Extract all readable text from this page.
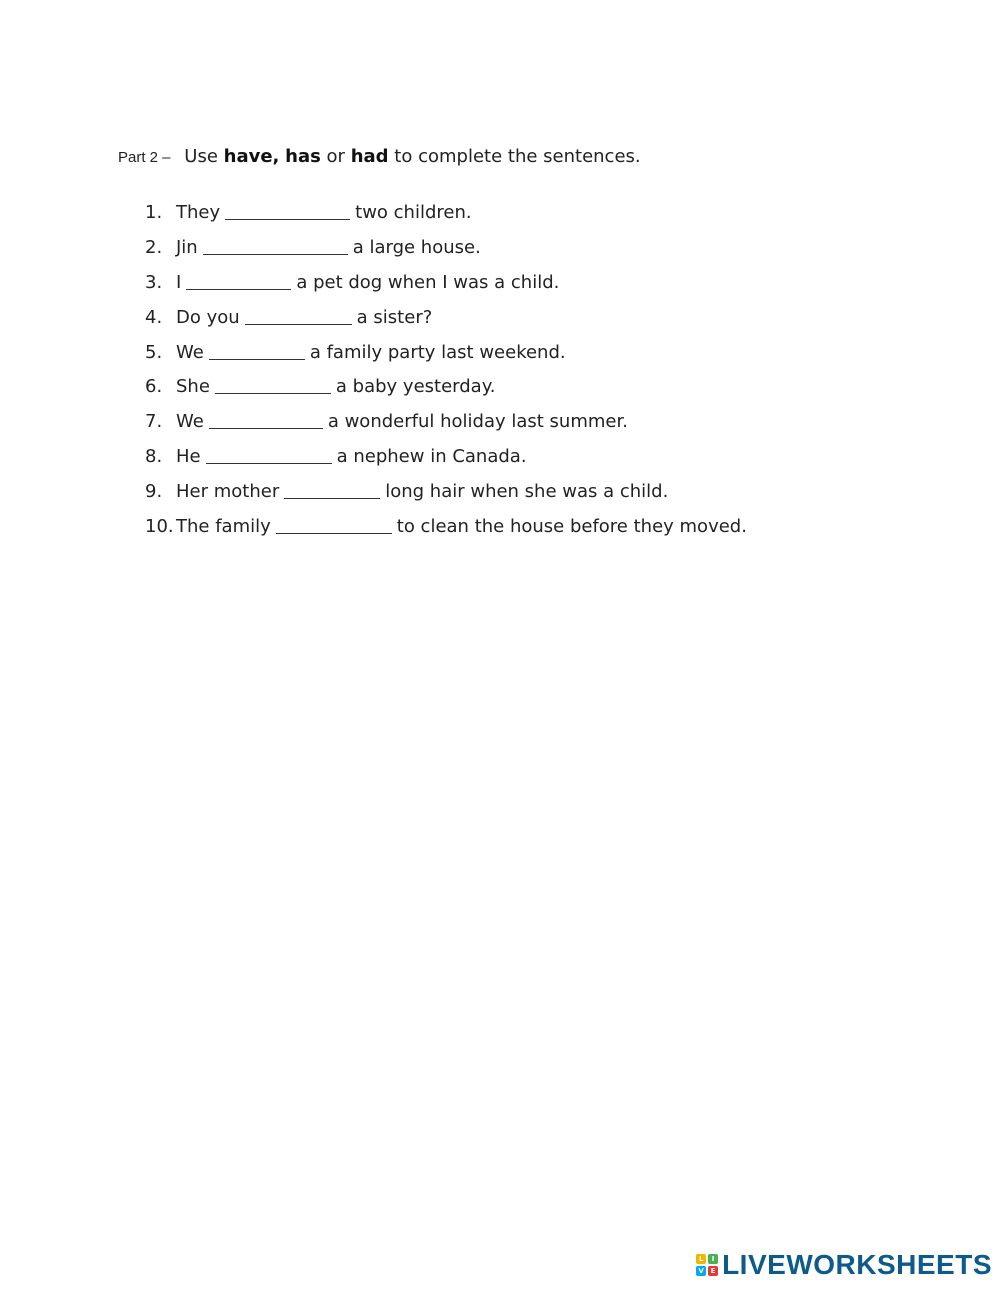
Part 2 – Use have, has or had to complete the sentences.
1. They	two children.
2. Jin	a large house.
3. I	a pet dog when I was a child.
4. Do you	a sister?
5. We	a family party last weekend.
6. She	a baby yesterday.
7. We	a wonderful holiday last summer.
8. He	a nephew in Canada.
9. Her mother	long hair when she was a child.
10. The family	to clean the house before they moved.
L	I
V E LIVEWORKSHEETS
